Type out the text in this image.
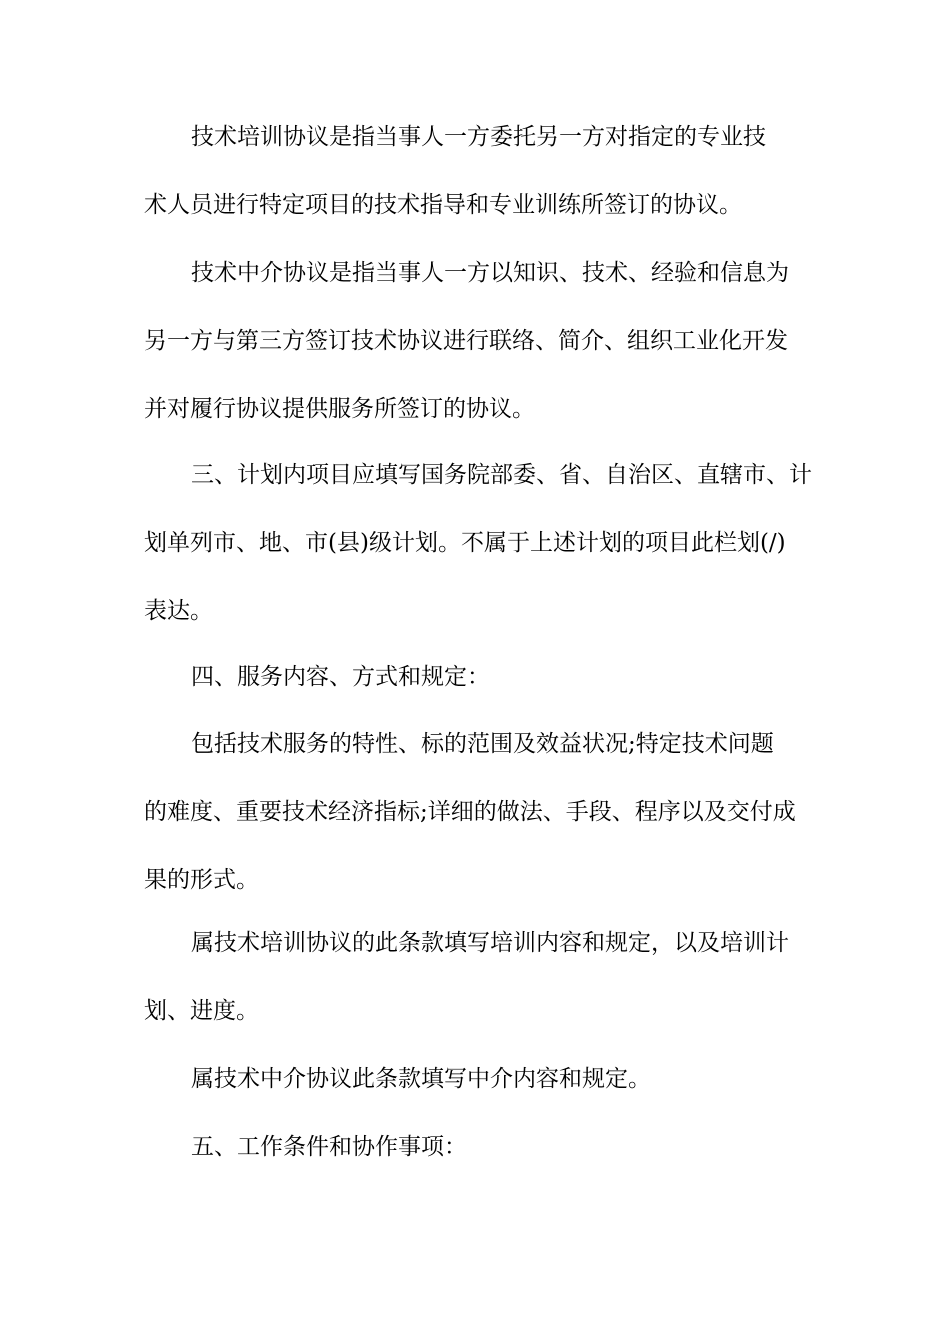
技术培训协议是指当事人一方委托另一方对指定的专业技
术人员进行特定项目的技术指导和专业训练所签订的协议。
技术中介协议是指当事人一方以知识、技术、经验和信息为
另一方与第三方签订技术协议进行联络、简介、组织工业化开发
并对履行协议提供服务所签订的协议。
三、计划内项目应填写国务院部委、省、自治区、直辖市、计
划单列市、地、市(县)级计划。不属于上述计划的项目此栏划(/)
表达。
四、服务内容、方式和规定：
包括技术服务的特性、标的范围及效益状况;特定技术问题
的难度、重要技术经济指标;详细的做法、手段、程序以及交付成
果的形式。
属技术培训协议的此条款填写培训内容和规定，以及培训计
划、进度。
属技术中介协议此条款填写中介内容和规定。
五、工作条件和协作事项：
